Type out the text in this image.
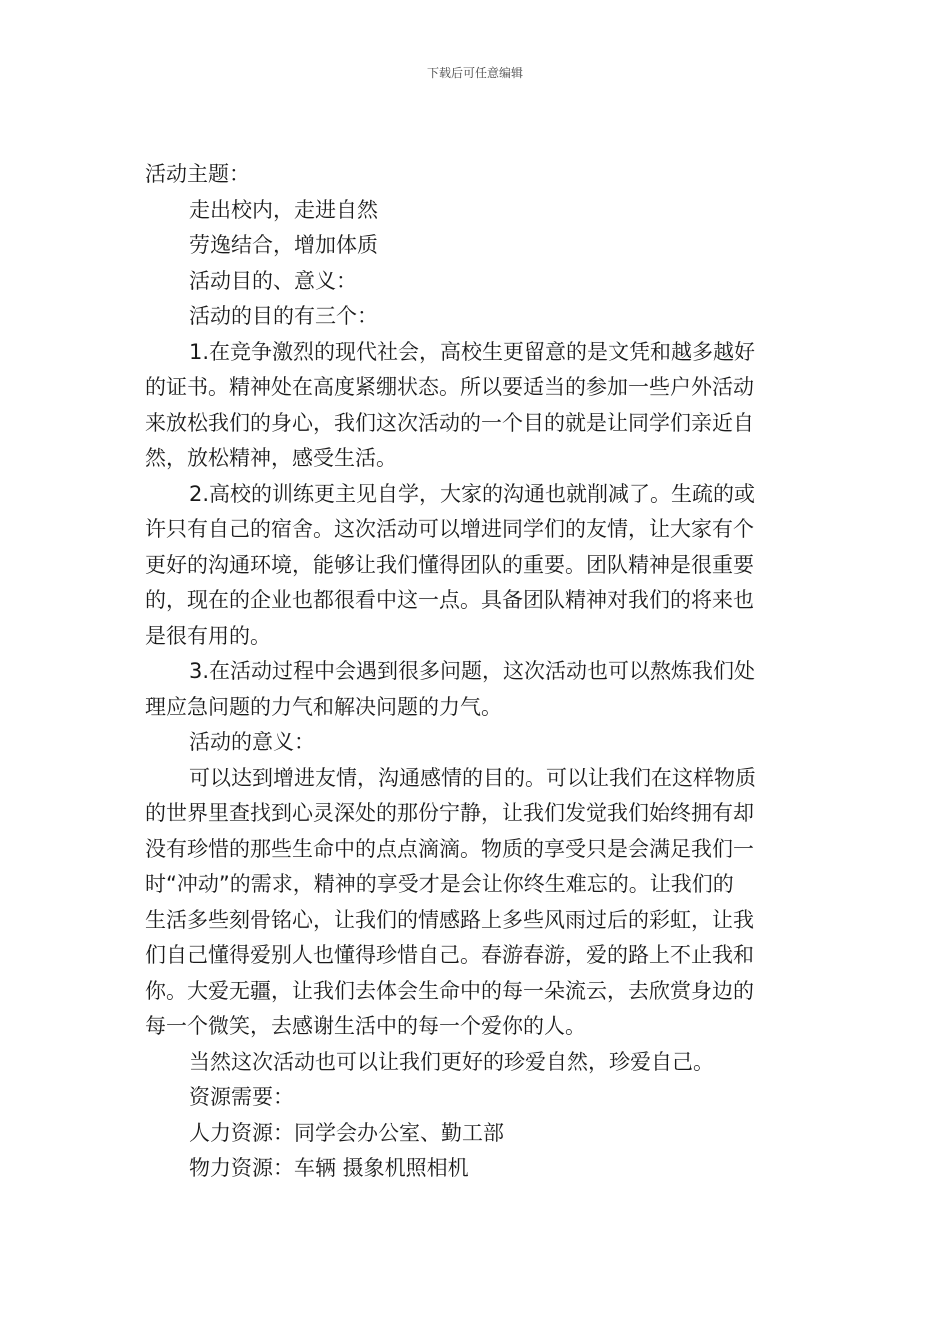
下载后可任意编辑

活动主题：

走出校内，走进自然

劳逸结合，增加体质

活动目的、意义：

活动的目的有三个：

1.在竞争激烈的现代社会，高校生更留意的是文凭和越多越好

的证书。精神处在高度紧绷状态。所以要适当的参加一些户外活动

来放松我们的身心，我们这次活动的一个目的就是让同学们亲近自

然，放松精神，感受生活。

2.高校的训练更主见自学，大家的沟通也就削减了。生疏的或

许只有自己的宿舍。这次活动可以增进同学们的友情，让大家有个

更好的沟通环境，能够让我们懂得团队的重要。团队精神是很重要

的，现在的企业也都很看中这一点。具备团队精神对我们的将来也

是很有用的。

3.在活动过程中会遇到很多问题，这次活动也可以熬炼我们处

理应急问题的力气和解决问题的力气。

活动的意义：

可以达到增进友情，沟通感情的目的。可以让我们在这样物质

的世界里查找到心灵深处的那份宁静，让我们发觉我们始终拥有却

没有珍惜的那些生命中的点点滴滴。物质的享受只是会满足我们一

时“冲动”的需求，精神的享受才是会让你终生难忘的。让我们的

生活多些刻骨铭心，让我们的情感路上多些风雨过后的彩虹，让我

们自己懂得爱别人也懂得珍惜自己。春游春游，爱的路上不止我和

你。大爱无疆，让我们去体会生命中的每一朵流云，去欣赏身边的

每一个微笑，去感谢生活中的每一个爱你的人。

当然这次活动也可以让我们更好的珍爱自然，珍爱自己。

资源需要：

人力资源：同学会办公室、勤工部

物力资源：车辆 摄象机照相机
